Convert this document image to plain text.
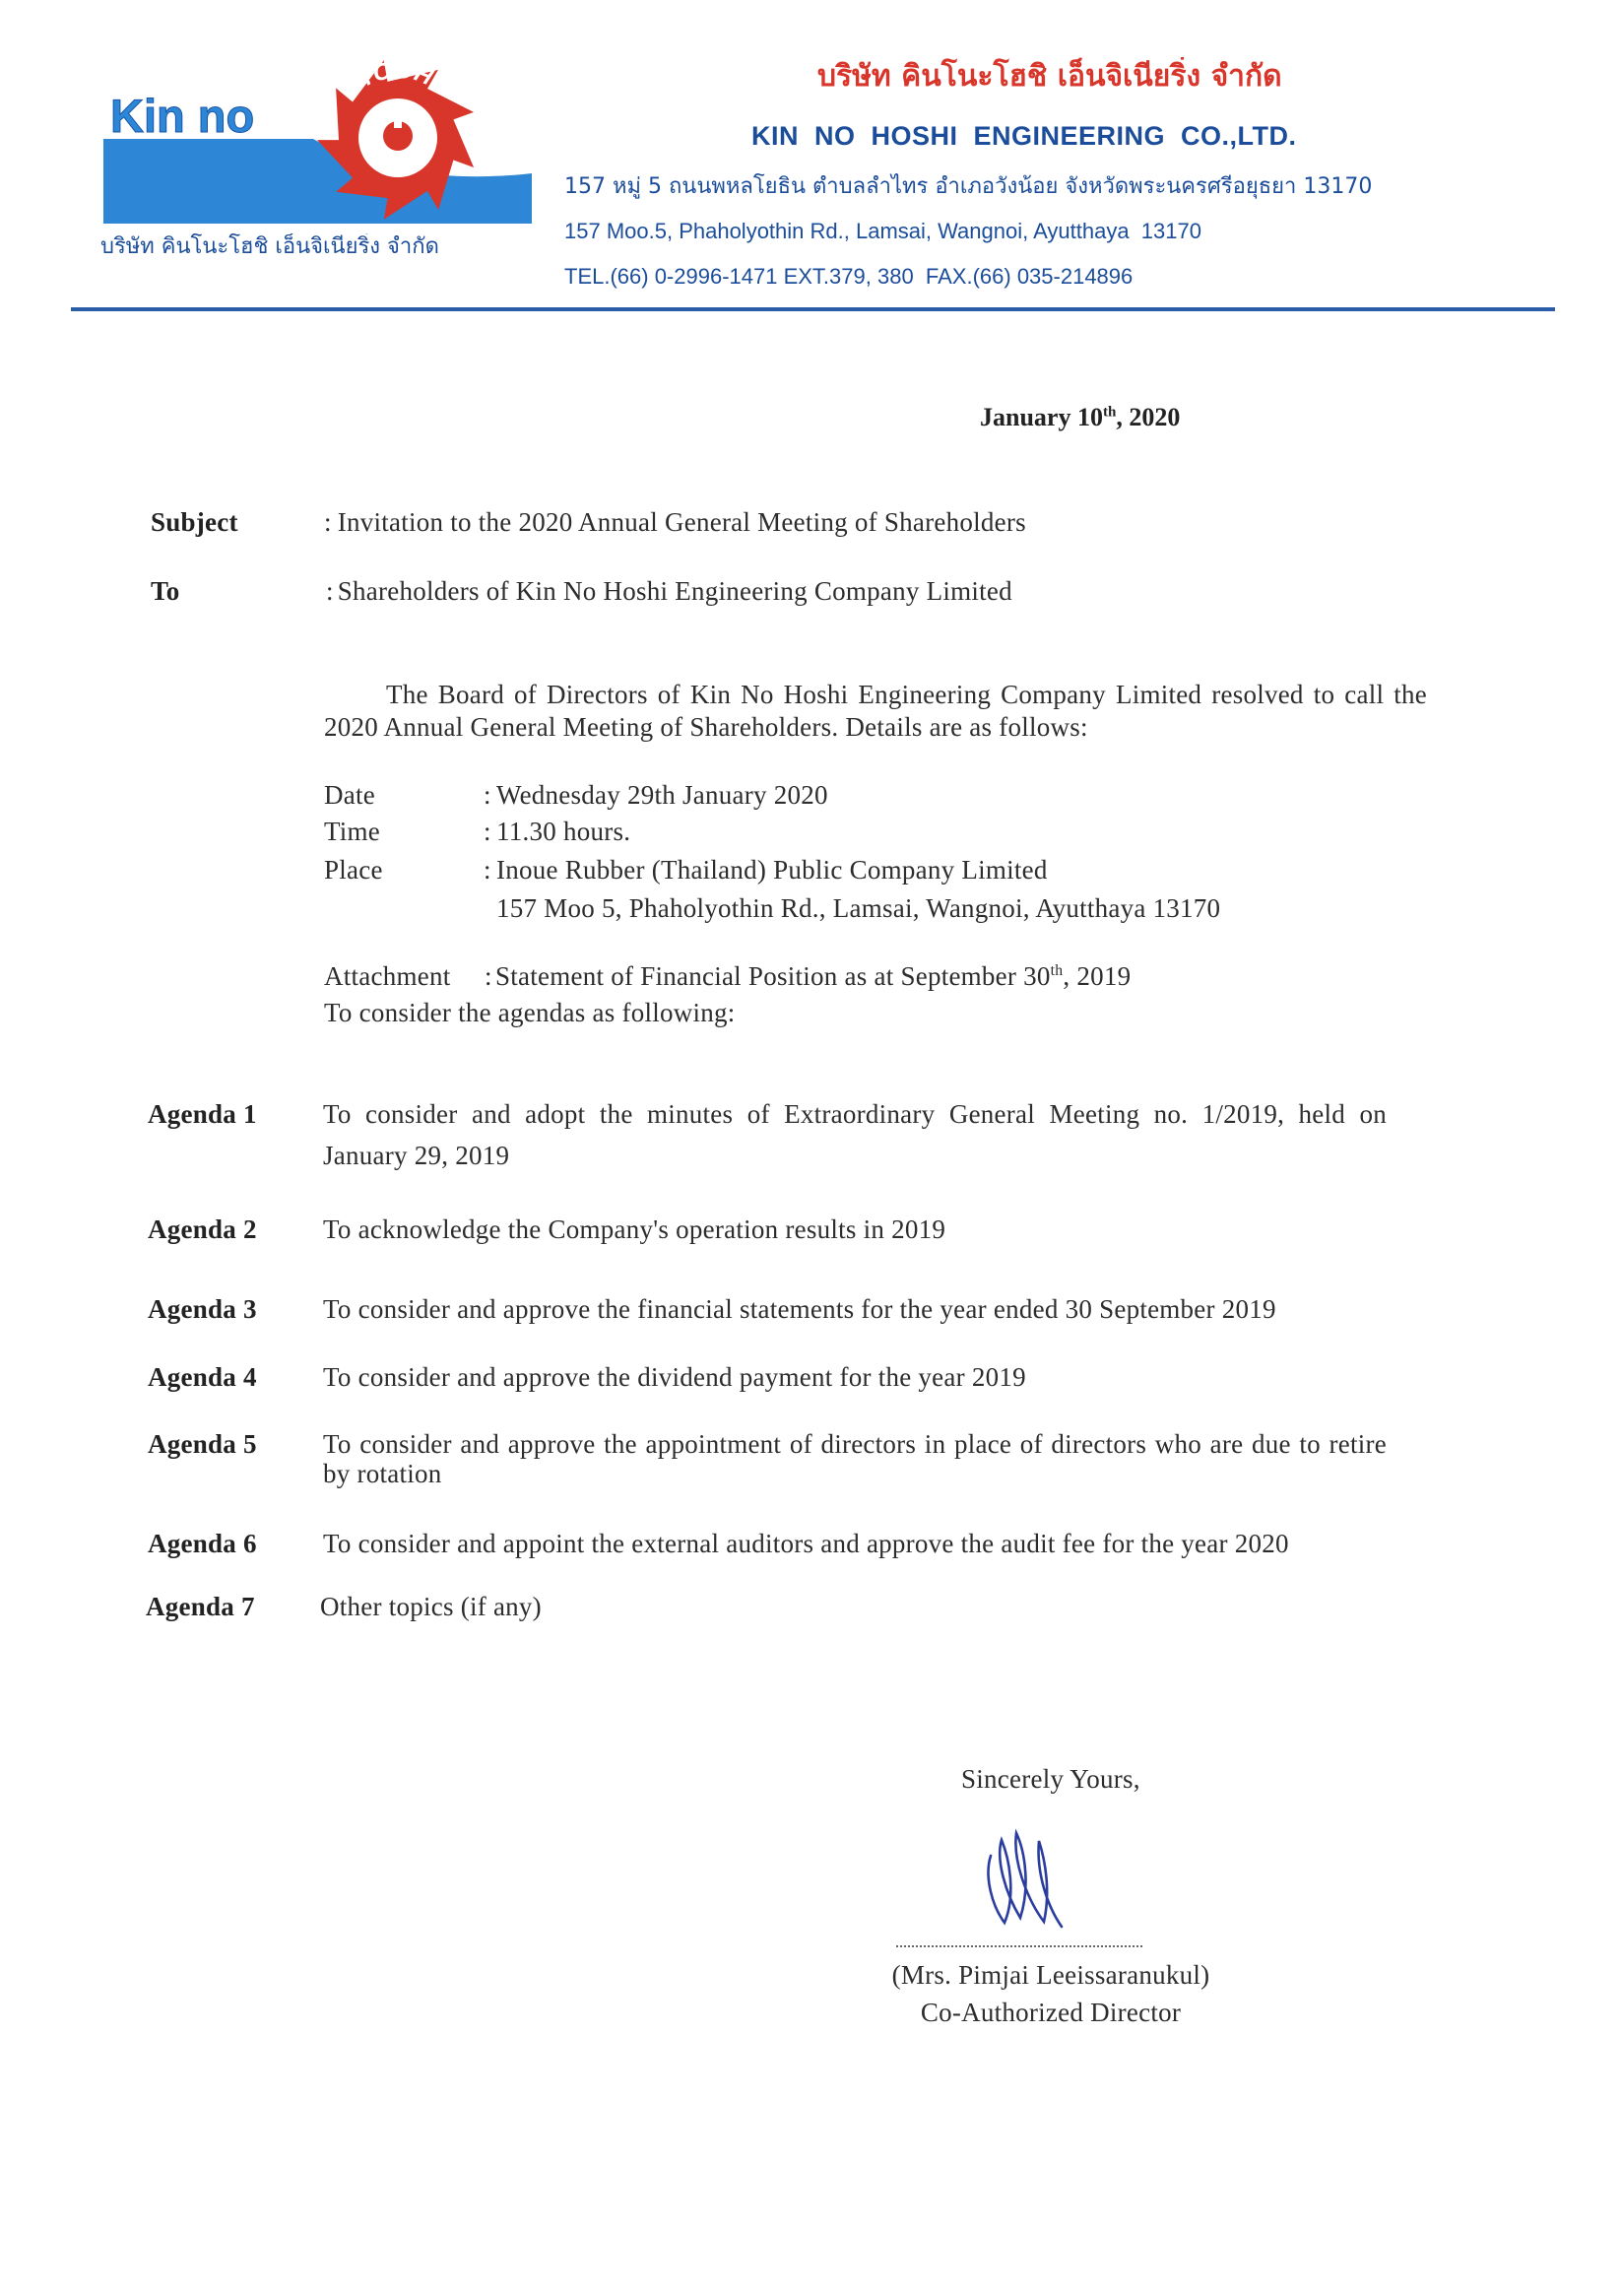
HOSHI
Kin no
บริษัท คินโนะโฮชิ เอ็นจิเนียริ่ง จำกัด
บริษัท คินโนะโฮชิ เอ็นจิเนียริ่ง จำกัด
KIN NO HOSHI ENGINEERING CO.,LTD.
157 หมู่ 5 ถนนพหลโยธิน ตำบลลำไทร อำเภอวังน้อย จังหวัดพระนครศรีอยุธยา 13170
157 Moo.5, Phaholyothin Rd., Lamsai, Wangnoi, Ayutthaya  13170
TEL.(66) 0-2996-1471 EXT.379, 380  FAX.(66) 035-214896
January 10th, 2020
Subject	: Invitation to the 2020 Annual General Meeting of Shareholders
To	: Shareholders of Kin No Hoshi Engineering Company Limited
The Board of Directors of Kin No Hoshi Engineering Company Limited resolved to call the
2020 Annual General Meeting of Shareholders. Details are as follows:
Date	: Wednesday 29th January 2020
Time	: 11.30 hours.
Place	: Inoue Rubber (Thailand) Public Company Limited
157 Moo 5, Phaholyothin Rd., Lamsai, Wangnoi, Ayutthaya 13170
Attachment : Statement of Financial Position as at September 30th, 2019
To consider the agendas as following:
Agenda 1 To consider and adopt the minutes of Extraordinary General Meeting no. 1/2019, held on
January 29, 2019
Agenda 2 To acknowledge the Company's operation results in 2019
Agenda 3 To consider and approve the financial statements for the year ended 30 September 2019
Agenda 4 To consider and approve the dividend payment for the year 2019
Agenda 5 To consider and approve the appointment of directors in place of directors who are due to retire
by rotation
Agenda 6 To consider and appoint the external auditors and approve the audit fee for the year 2020
Agenda 7 Other topics (if any)
Sincerely Yours,
(Mrs. Pimjai Leeissaranukul)
Co-Authorized Director
